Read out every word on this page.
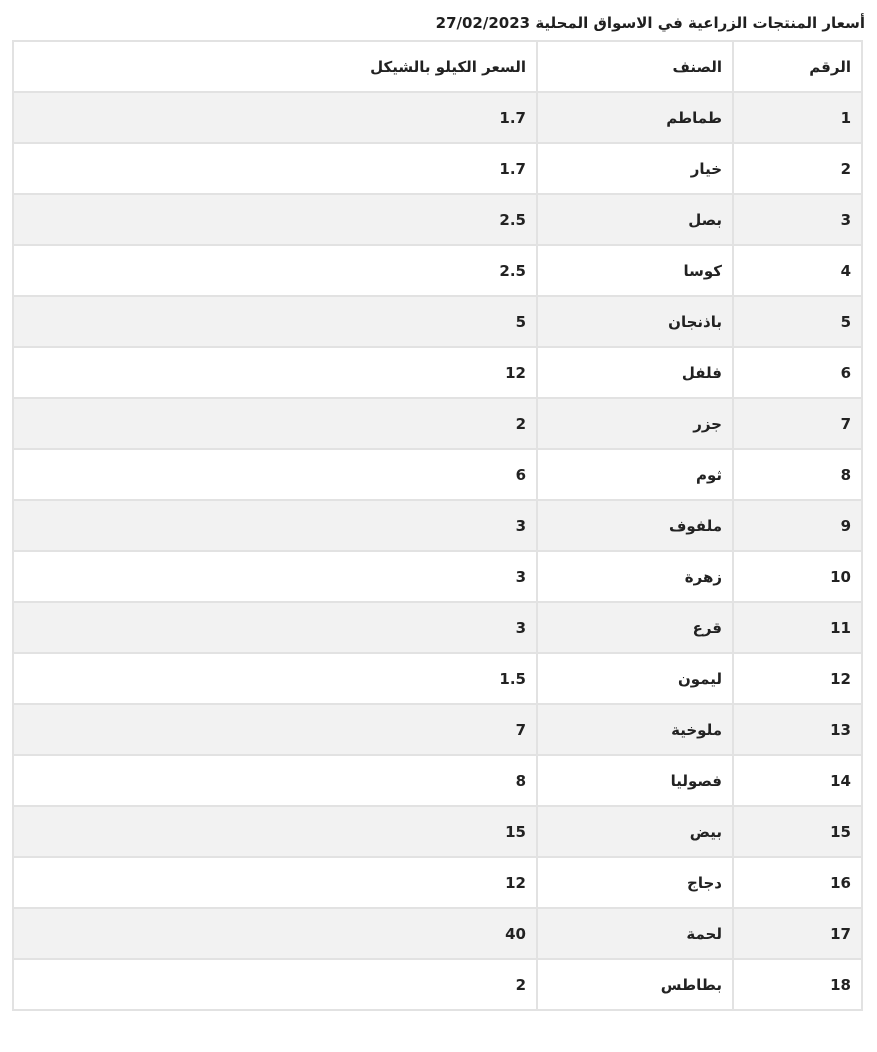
أسعار المنتجات الزراعية في الاسواق المحلية 27/02/2023
الرقم	الصنف	السعر الكيلو بالشيكل
1	طماطم	1.7
2	خيار	1.7
3	بصل	2.5
4	كوسا	2.5
5	باذنجان	5
6	فلفل	12
7	جزر	2
8	ثوم	6
9	ملفوف	3
10	زهرة	3
11	قرع	3
12	ليمون	1.5
13	ملوخية	7
14	فصوليا	8
15	بيض	15
16	دجاج	12
17	لحمة	40
18	بطاطس	2
